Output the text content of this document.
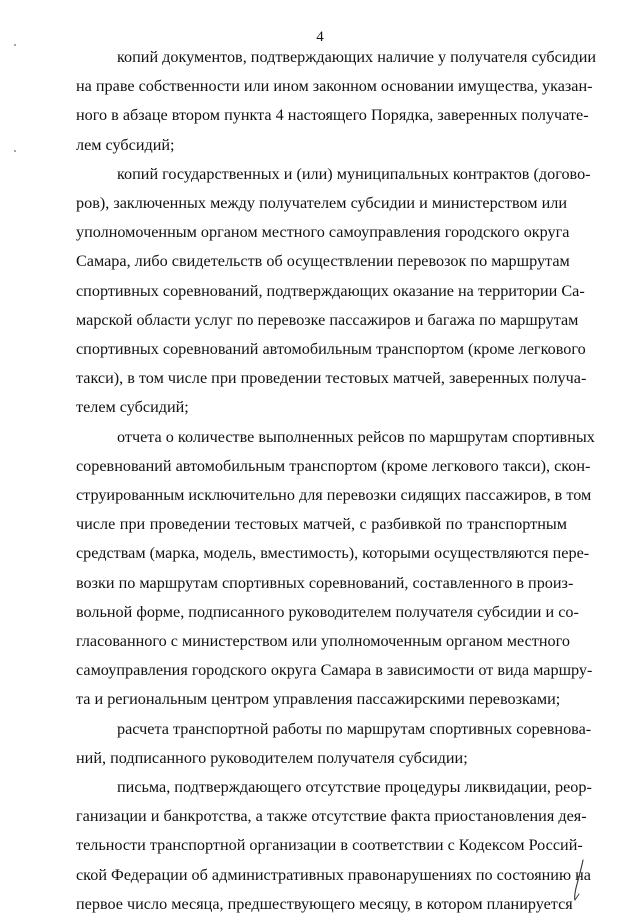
4

копий документов, подтверждающих наличие у получателя субсидии
на праве собственности или ином законном основании имущества, указан-
ного в абзаце втором пункта 4 настоящего Порядка, заверенных получате-
лем субсидий;

копий государственных и (или) муниципальных контрактов (догово-
ров), заключенных между получателем субсидии и министерством или
уполномоченным органом местного самоуправления городского округа
Самара, либо свидетельств об осуществлении перевозок по маршрутам
спортивных соревнований, подтверждающих оказание на территории Са-
марской области услуг по перевозке пассажиров и багажа по маршрутам
спортивных соревнований автомобильным транспортом (кроме легкового
такси), в том числе при проведении тестовых матчей, заверенных получа-
телем субсидий;

отчета о количестве выполненных рейсов по маршрутам спортивных
соревнований автомобильным транспортом (кроме легкового такси), скон-
струированным исключительно для перевозки сидящих пассажиров, в том
числе при проведении тестовых матчей, с разбивкой по транспортным
средствам (марка, модель, вместимость), которыми осуществляются пере-
возки по маршрутам спортивных соревнований, составленного в произ-
вольной форме, подписанного руководителем получателя субсидии и со-
гласованного с министерством или уполномоченным органом местного
самоуправления городского округа Самара в зависимости от вида маршру-
та и региональным центром управления пассажирскими перевозками;

расчета транспортной работы по маршрутам спортивных соревнова-
ний, подписанного руководителем получателя субсидии;

письма, подтверждающего отсутствие процедуры ликвидации, реор-
ганизации и банкротства, а также отсутствие факта приостановления дея-
тельности транспортной организации в соответствии с Кодексом Россий-
ской Федерации об административных правонарушениях по состоянию на
первое число месяца, предшествующего месяцу, в котором планируется
